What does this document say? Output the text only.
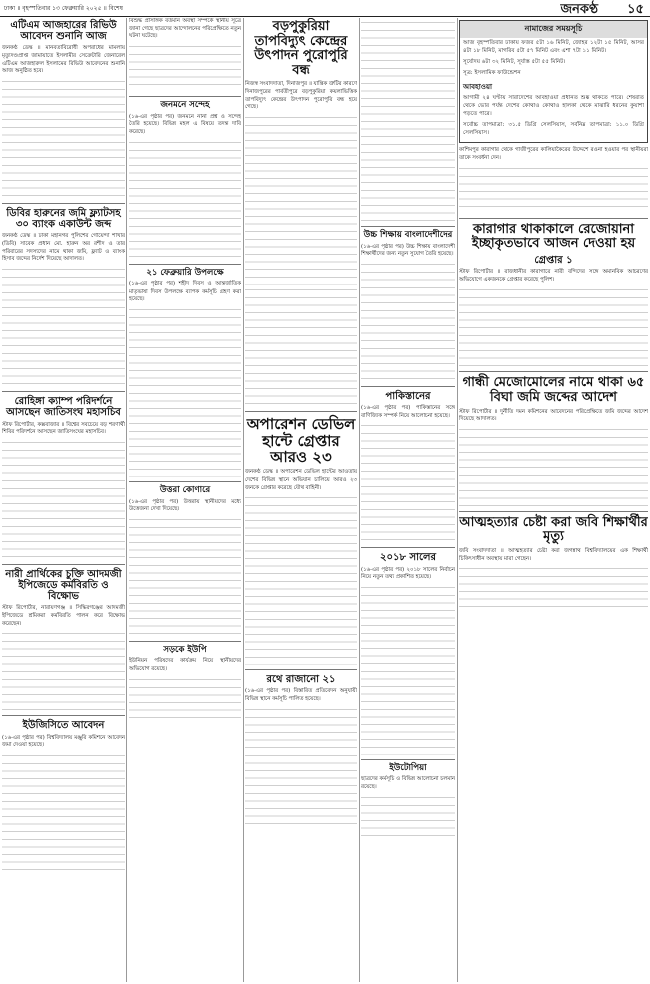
ঢাকা ॥ বৃহস্পতিবার ১৩ ফেব্রুয়ারি ২০২৫ ॥ বিশেষ	জনকণ্ঠ ১৫
এটিএম আজহারের রিভিউ আবেদন শুনানি আজ

জনকণ্ঠ ডেস্ক ॥ মানবতাবিরোধী অপরাধের মামলায় মৃত্যুদণ্ডপ্রাপ্ত জামায়াতে ইসলামীর সেক্রেটারি জেনারেল এটিএম আজহারুল ইসলামের রিভিউ আবেদনের শুনানি আজ অনুষ্ঠিত হবে।

ডিবির হারুনের জমি ফ্ল্যাটসহ ৩০ ব্যাংক একাউন্ট জব্দ

জনকণ্ঠ ডেস্ক ॥ ঢাকা মহানগর পুলিশের গোয়েন্দা শাখার (ডিবি) সাবেক প্রধান মো. হারুন অর রশীদ ও তার পরিবারের সদস্যদের নামে থাকা জমি, ফ্ল্যাট ও ব্যাংক হিসাব জব্দের নির্দেশ দিয়েছে আদালত।

রোহিঙ্গা ক্যাম্প পরিদর্শনে আসছেন জাতিসংঘ মহাসচিব

স্টাফ রিপোর্টার, কক্সবাজার ॥ বিশ্বের সবচেয়ে বড় শরণার্থী শিবির পরিদর্শনে আসছেন জাতিসংঘের মহাসচিব।

নারী প্রার্থিকের চুক্তি আদমজী ইপিজেডে কর্মবিরতি ও বিক্ষোভ

স্টাফ রিপোর্টার, নারায়ণগঞ্জ ॥ সিদ্ধিরগঞ্জের আদমজী ইপিজেডে শ্রমিকরা কর্মবিরতি পালন করে বিক্ষোভ করেছেন।

ইউজিসিতে আবেদন

(১৬-এর পৃষ্ঠার পর) বিশ্ববিদ্যালয় মঞ্জুরি কমিশনে আবেদন জমা দেওয়া হয়েছে।

বিশুদ্ধ প্রাসঙ্গিক বর্তমান অবস্থা সম্পর্কে স্থানীয় সূত্রে জানা গেছে ছাত্রদের আন্দোলনের পরিপ্রেক্ষিতে নতুন ঘটনা ঘটেছে।

জনমনে সন্দেহ

(১৬-এর পৃষ্ঠার পর) জনমনে নানা প্রশ্ন ও সন্দেহ তৈরি হয়েছে। বিভিন্ন মহল এ বিষয়ে তদন্ত দাবি করেছে।

২১ ফেব্রুয়ারি উপলক্ষে

(১৬-এর পৃষ্ঠার পর) শহীদ দিবস ও আন্তর্জাতিক মাতৃভাষা দিবস উপলক্ষে ব্যাপক কর্মসূচি গ্রহণ করা হয়েছে।

উত্তরা কোণারে

(১৬-এর পৃষ্ঠার পর) উত্তরায় স্থানীয়দের মধ্যে উত্তেজনা দেখা দিয়েছে।

সড়কে ইউপি

ইউনিয়ন পরিষদের কার্যক্রম নিয়ে স্থানীয়দের অভিযোগ রয়েছে।

বড়পুকুরিয়া তাপবিদ্যুৎ কেন্দ্রের উৎপাদন পুরোপুরি বন্ধ

নিজস্ব সংবাদদাতা, দিনাজপুর ॥ যান্ত্রিক ত্রুটির কারণে দিনাজপুরের পার্বতীপুরে বড়পুকুরিয়া কয়লাভিত্তিক তাপবিদ্যুৎ কেন্দ্রের উৎপাদন পুরোপুরি বন্ধ হয়ে গেছে।

অপারেশন ডেভিল হান্টে গ্রেপ্তার আরও ২৩

জনকণ্ঠ ডেস্ক ॥ অপারেশন ডেভিল হান্টের আওতায় দেশের বিভিন্ন স্থানে অভিযান চালিয়ে আরও ২৩ জনকে গ্রেপ্তার করেছে যৌথ বাহিনী।

রথে রাজানো ২১

(১৬-এর পৃষ্ঠার পর) বিস্তারিত প্রতিবেদন অনুযায়ী বিভিন্ন স্থানে কর্মসূচি পালিত হয়েছে।

উচ্চ শিক্ষায় বাংলাদেশীদের

(১৬-এর পৃষ্ঠার পর) উচ্চ শিক্ষায় বাংলাদেশী শিক্ষার্থীদের জন্য নতুন সুযোগ তৈরি হয়েছে।

পাকিস্তানের

(১৬-এর পৃষ্ঠার পর) পাকিস্তানের সঙ্গে বাণিজ্যিক সম্পর্ক নিয়ে আলোচনা হয়েছে।

২০১৮ সালের

(১৬-এর পৃষ্ঠার পর) ২০১৮ সালের নির্বাচন নিয়ে নতুন তথ্য প্রকাশিত হয়েছে।

ইউটোপিয়া

ছাত্রদের কর্মসূচি ও বিভিন্ন আলোচনা চলমান রয়েছে।

নামাজের সময়সূচি

আজ বৃহস্পতিবার ঢাকায় ফজর ৫টা ১৬ মিনিট, জোহর ১২টা ১৫ মিনিট, আসর ৪টা ১৮ মিনিট, মাগরিব ৫টা ৫৭ মিনিট এবং এশা ৭টা ১১ মিনিট।

সূর্যোদয় ৬টা ৩২ মিনিট, সূর্যাস্ত ৫টা ৫৫ মিনিট।

সূত্র: ইসলামিক ফাউন্ডেশন

আবহাওয়া

আগামী ২৪ ঘণ্টায় সারাদেশের আবহাওয়া প্রধানত শুষ্ক থাকতে পারে। শেষরাত থেকে ভোর পর্যন্ত দেশের কোথাও কোথাও হালকা থেকে মাঝারি ধরনের কুয়াশা পড়তে পারে।

সর্বোচ্চ তাপমাত্রা: ৩১.৫ ডিগ্রি সেলসিয়াস, সর্বনিম্ন তাপমাত্রা: ১১.০ ডিগ্রি সেলসিয়াস।

কাশিমপুর কারাগার থেকে গাজীপুরের কালিয়াকৈরের উদ্দেশে রওনা হওয়ার পর স্থানীয়রা তাকে সংবর্ধনা দেন।

কারাগার থাকাকালে রেজোয়ানা ইচ্ছাকৃতভাবে আজন দেওয়া হয়
গ্রেপ্তার ১

স্টাফ রিপোর্টার ॥ রাজধানীর কারাগারে নারী বন্দিদের সঙ্গে অমানবিক আচরণের অভিযোগে একজনকে গ্রেপ্তার করেছে পুলিশ।

গান্ধী মেজোমোলের নামে থাকা ৬৫ বিঘা জমি জব্দের আদেশ

স্টাফ রিপোর্টার ॥ দুর্নীতি দমন কমিশনের আবেদনের পরিপ্রেক্ষিতে জমি জব্দের আদেশ দিয়েছে আদালত।

আত্মহত্যার চেষ্টা করা জবি শিক্ষার্থীর মৃত্যু

জবি সংবাদদাতা ॥ আত্মহত্যার চেষ্টা করা জগন্নাথ বিশ্ববিদ্যালয়ের এক শিক্ষার্থী চিকিৎসাধীন অবস্থায় মারা গেছেন।
